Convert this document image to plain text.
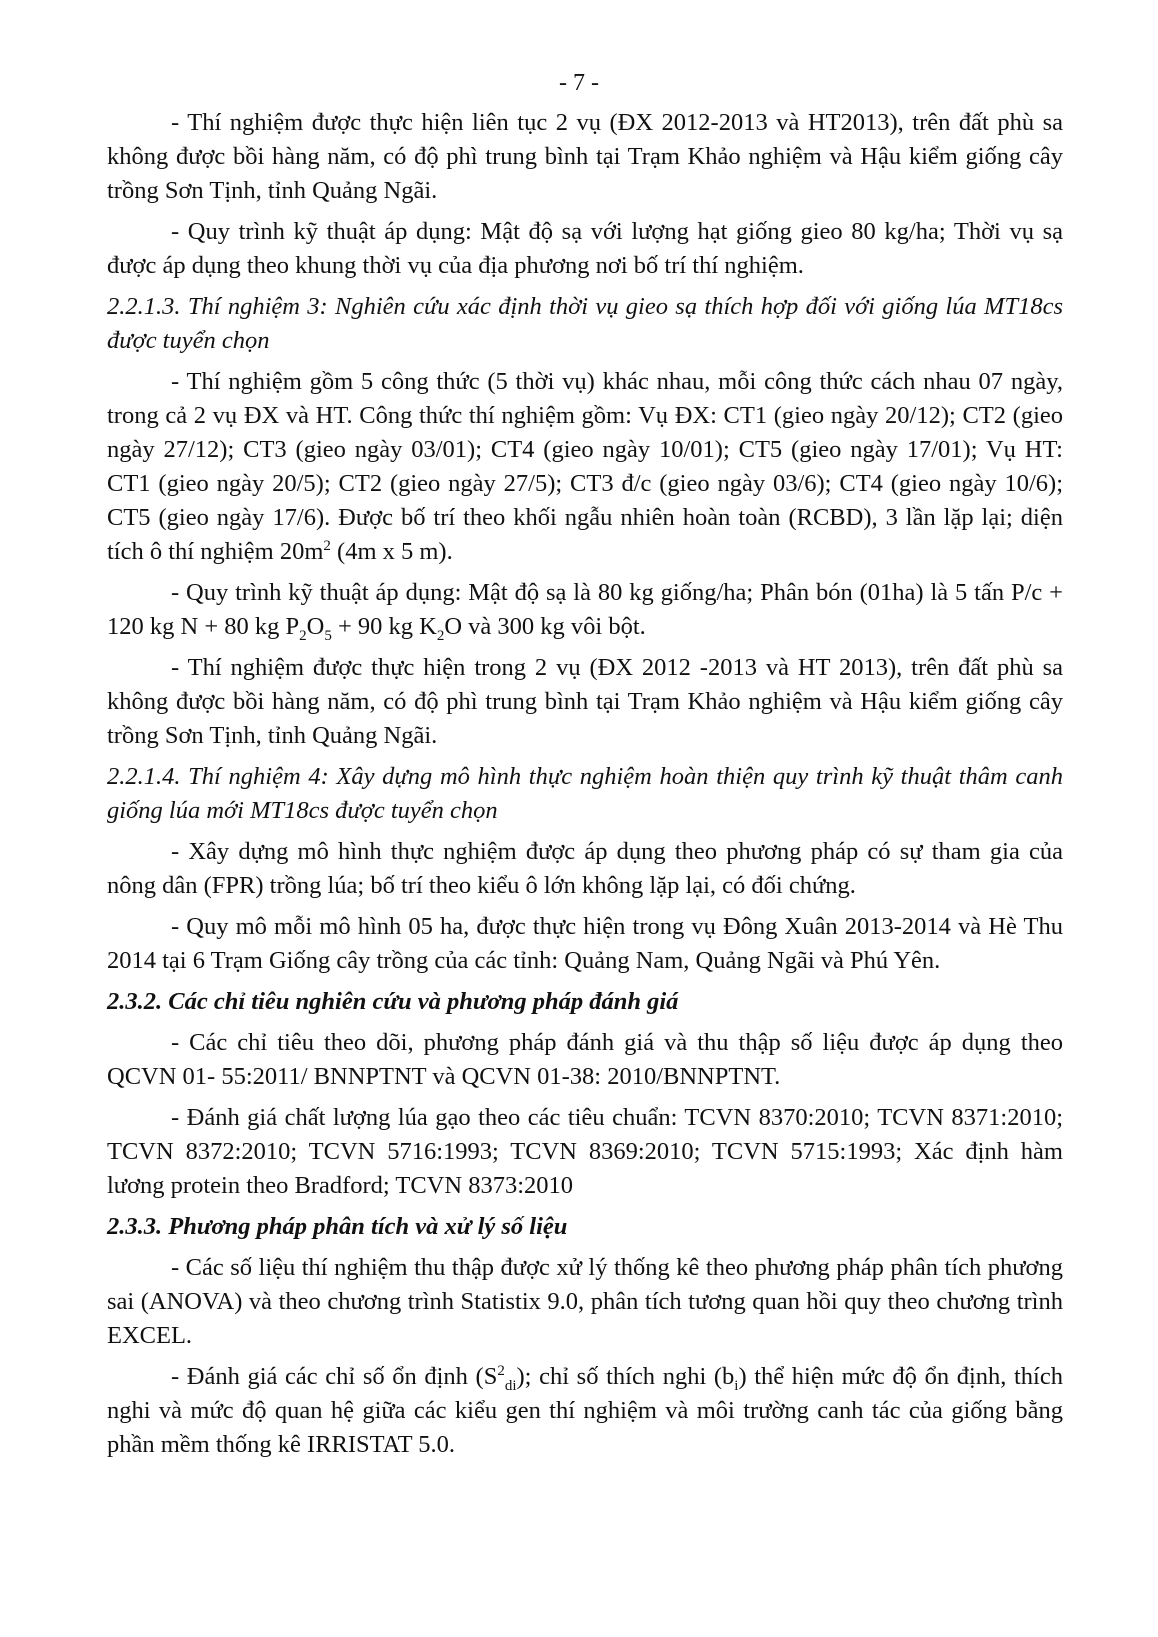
- 7 -

- Thí nghiệm được thực hiện liên tục 2 vụ (ĐX 2012-2013 và HT2013), trên đất phù sa không được bồi hàng năm, có độ phì trung bình tại Trạm Khảo nghiệm và Hậu kiểm giống cây trồng Sơn Tịnh, tỉnh Quảng Ngãi.

- Quy trình kỹ thuật áp dụng: Mật độ sạ với lượng hạt giống gieo 80 kg/ha; Thời vụ sạ được áp dụng theo khung thời vụ của địa phương nơi bố trí thí nghiệm.

2.2.1.3. Thí nghiệm 3: Nghiên cứu xác định thời vụ gieo sạ thích hợp đối với giống lúa MT18cs được tuyển chọn

- Thí nghiệm gồm 5 công thức (5 thời vụ) khác nhau, mỗi công thức cách nhau 07 ngày, trong cả 2 vụ ĐX và HT. Công thức thí nghiệm gồm: Vụ ĐX: CT1 (gieo ngày 20/12); CT2 (gieo ngày 27/12); CT3 (gieo ngày 03/01); CT4 (gieo ngày 10/01); CT5 (gieo ngày 17/01); Vụ HT: CT1 (gieo ngày 20/5); CT2 (gieo ngày 27/5); CT3 đ/c (gieo ngày 03/6); CT4 (gieo ngày 10/6); CT5 (gieo ngày 17/6). Được bố trí theo khối ngẫu nhiên hoàn toàn (RCBD), 3 lần lặp lại; diện tích ô thí nghiệm $20m^2$ (4m x 5 m).

- Quy trình kỹ thuật áp dụng: Mật độ sạ là 80 kg giống/ha; Phân bón (01ha) là 5 tấn P/c + 120 kg N + 80 kg $P_2O_5 + 90$ kg $K_2O$ và 300 kg vôi bột.

- Thí nghiệm được thực hiện trong 2 vụ (ĐX 2012 -2013 và HT 2013), trên đất phù sa không được bồi hàng năm, có độ phì trung bình tại Trạm Khảo nghiệm và Hậu kiểm giống cây trồng Sơn Tịnh, tỉnh Quảng Ngãi.

2.2.1.4. Thí nghiệm 4: Xây dựng mô hình thực nghiệm hoàn thiện quy trình kỹ thuật thâm canh giống lúa mới MT18cs được tuyển chọn

- Xây dựng mô hình thực nghiệm được áp dụng theo phương pháp có sự tham gia của nông dân (FPR) trồng lúa; bố trí theo kiểu ô lớn không lặp lại, có đối chứng.

- Quy mô mỗi mô hình 05 ha, được thực hiện trong vụ Đông Xuân 2013-2014 và Hè Thu 2014 tại 6 Trạm Giống cây trồng của các tỉnh: Quảng Nam, Quảng Ngãi và Phú Yên.

2.3.2. Các chỉ tiêu nghiên cứu và phương pháp đánh giá

- Các chỉ tiêu theo dõi, phương pháp đánh giá và thu thập số liệu được áp dụng theo QCVN 01- 55:2011/ BNNPTNT và QCVN 01-38: 2010/BNNPTNT.

- Đánh giá chất lượng lúa gạo theo các tiêu chuẩn: TCVN 8370:2010; TCVN 8371:2010; TCVN 8372:2010; TCVN 5716:1993; TCVN 8369:2010; TCVN 5715:1993; Xác định hàm lương protein theo Bradford; TCVN 8373:2010

2.3.3. Phương pháp phân tích và xử lý số liệu

- Các số liệu thí nghiệm thu thập được xử lý thống kê theo phương pháp phân tích phương sai (ANOVA) và theo chương trình Statistix 9.0, phân tích tương quan hồi quy theo chương trình EXCEL.

- Đánh giá các chỉ số ổn định $(S^2_{di})$; chỉ số thích nghi $(b_i)$ thể hiện mức độ ổn định, thích nghi và mức độ quan hệ giữa các kiểu gen thí nghiệm và môi trường canh tác của giống bằng phần mềm thống kê IRRISTAT 5.0.
